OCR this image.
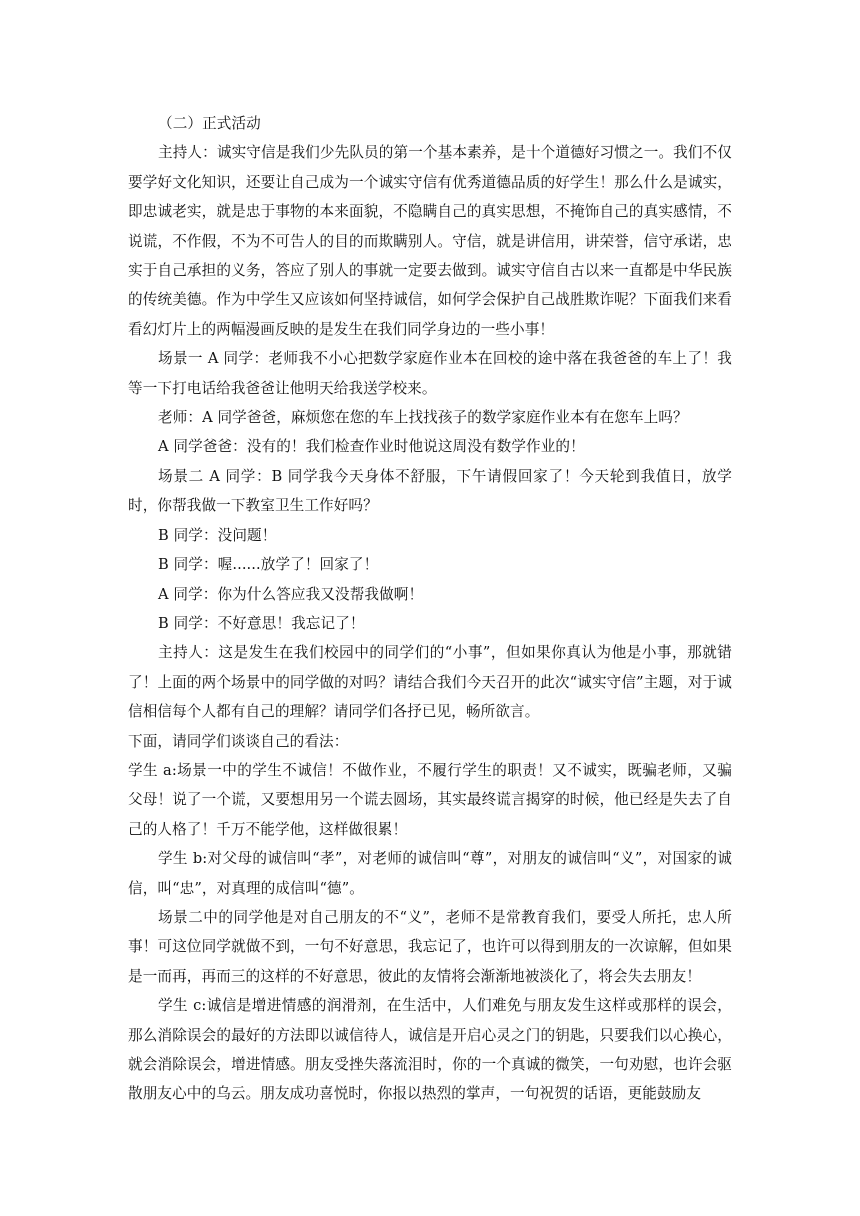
（二）正式活动

主持人：诚实守信是我们少先队员的第一个基本素养，是十个道德好习惯之一。我们不仅要学好文化知识，还要让自己成为一个诚实守信有优秀道德品质的好学生！那么什么是诚实，即忠诚老实，就是忠于事物的本来面貌，不隐瞒自己的真实思想，不掩饰自己的真实感情，不说谎，不作假，不为不可告人的目的而欺瞒别人。守信，就是讲信用，讲荣誉，信守承诺，忠实于自己承担的义务，答应了别人的事就一定要去做到。诚实守信自古以来一直都是中华民族的传统美德。作为中学生又应该如何坚持诚信，如何学会保护自己战胜欺诈呢？下面我们来看看幻灯片上的两幅漫画反映的是发生在我们同学身边的一些小事！

场景一 A 同学：老师我不小心把数学家庭作业本在回校的途中落在我爸爸的车上了！我等一下打电话给我爸爸让他明天给我送学校来。

老师：A 同学爸爸，麻烦您在您的车上找找孩子的数学家庭作业本有在您车上吗？

A 同学爸爸：没有的！我们检查作业时他说这周没有数学作业的！

场景二 A 同学：B 同学我今天身体不舒服，下午请假回家了！今天轮到我值日，放学时，你帮我做一下教室卫生工作好吗？

B 同学：没问题！

B 同学：喔......放学了！回家了！

A 同学：你为什么答应我又没帮我做啊！

B 同学：不好意思！我忘记了！

主持人：这是发生在我们校园中的同学们的“小事”，但如果你真认为他是小事，那就错了！上面的两个场景中的同学做的对吗？请结合我们今天召开的此次“诚实守信”主题，对于诚信相信每个人都有自己的理解？请同学们各抒已见，畅所欲言。

下面，请同学们谈谈自己的看法：

学生 a:场景一中的学生不诚信！不做作业，不履行学生的职责！又不诚实，既骗老师，又骗父母！说了一个谎，又要想用另一个谎去圆场，其实最终谎言揭穿的时候，他已经是失去了自己的人格了！千万不能学他，这样做很累！

学生 b:对父母的诚信叫“孝”，对老师的诚信叫“尊”，对朋友的诚信叫“义”，对国家的诚信，叫“忠”，对真理的成信叫“德”。

场景二中的同学他是对自己朋友的不“义”，老师不是常教育我们，要受人所托，忠人所事！可这位同学就做不到，一句不好意思，我忘记了，也许可以得到朋友的一次谅解，但如果是一而再，再而三的这样的不好意思，彼此的友情将会渐渐地被淡化了，将会失去朋友！

学生 c:诚信是增进情感的润滑剂，在生活中，人们难免与朋友发生这样或那样的误会，那么消除误会的最好的方法即以诚信待人，诚信是开启心灵之门的钥匙，只要我们以心换心，就会消除误会，增进情感。朋友受挫失落流泪时，你的一个真诚的微笑，一句劝慰，也许会驱散朋友心中的乌云。朋友成功喜悦时，你报以热烈的掌声，一句祝贺的话语，更能鼓励友
